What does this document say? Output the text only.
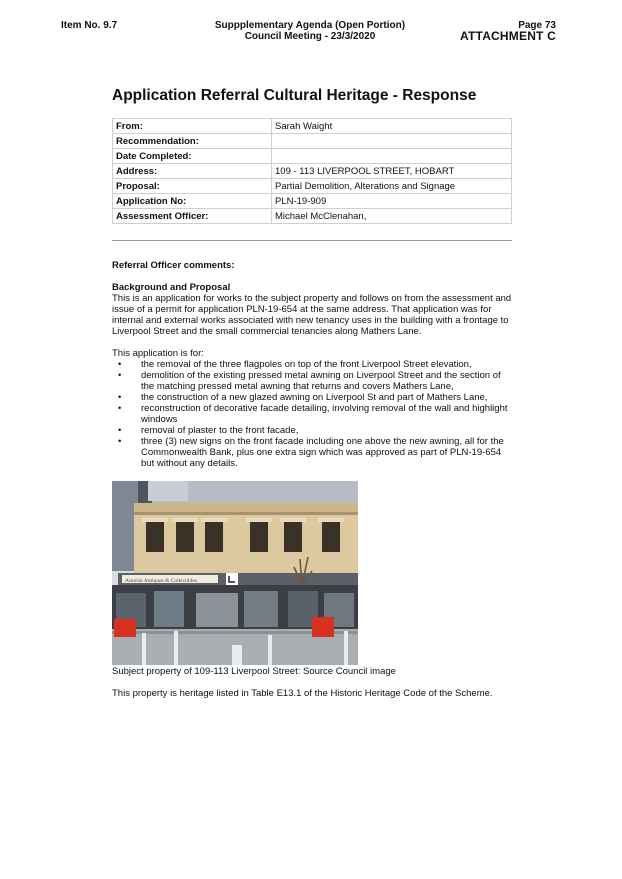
Item No. 9.7	Suppplementary Agenda (Open Portion)
Council Meeting - 23/3/2020
Page 73
ATTACHMENT C
Application Referral Cultural Heritage - Response
From:	Sarah Waight
Recommendation:	
Date Completed:	
Address:	109 - 113 LIVERPOOL STREET, HOBART
Proposal:	Partial Demolition, Alterations and Signage
Application No:	PLN-19-909
Assessment Officer:	Michael McClenahan,
Referral Officer comments:
Background and Proposal
This is an application for works to the subject property and follows on from the assessment and issue of a permit for application PLN-19-654 at the same address. That application was for internal and external works associated with new tenancy uses in the building with a frontage to Liverpool Street and the small commercial tenancies along Mathers Lane.
This application is for:
• the removal of the three flagpoles on top of the front Liverpool Street elevation,
• demolition of the existing pressed metal awning on Liverpool Street and the section of the matching pressed metal awning that returns and covers Mathers Lane,
• the construction of a new glazed awning on Liverpool St and part of Mathers Lane,
• reconstruction of decorative facade detailing, involving removal of the wall and highlight windows
• removal of plaster to the front facade,
• three (3) new signs on the front facade including one above the new awning, all for the Commonwealth Bank, plus one extra sign which was approved as part of PLN-19-654 but without any details.
Arnolds Antiques & Collectibles
Subject property of 109-113 Liverpool Street: Source Council image
This property is heritage listed in Table E13.1 of the Historic Heritage Code of the Scheme.
